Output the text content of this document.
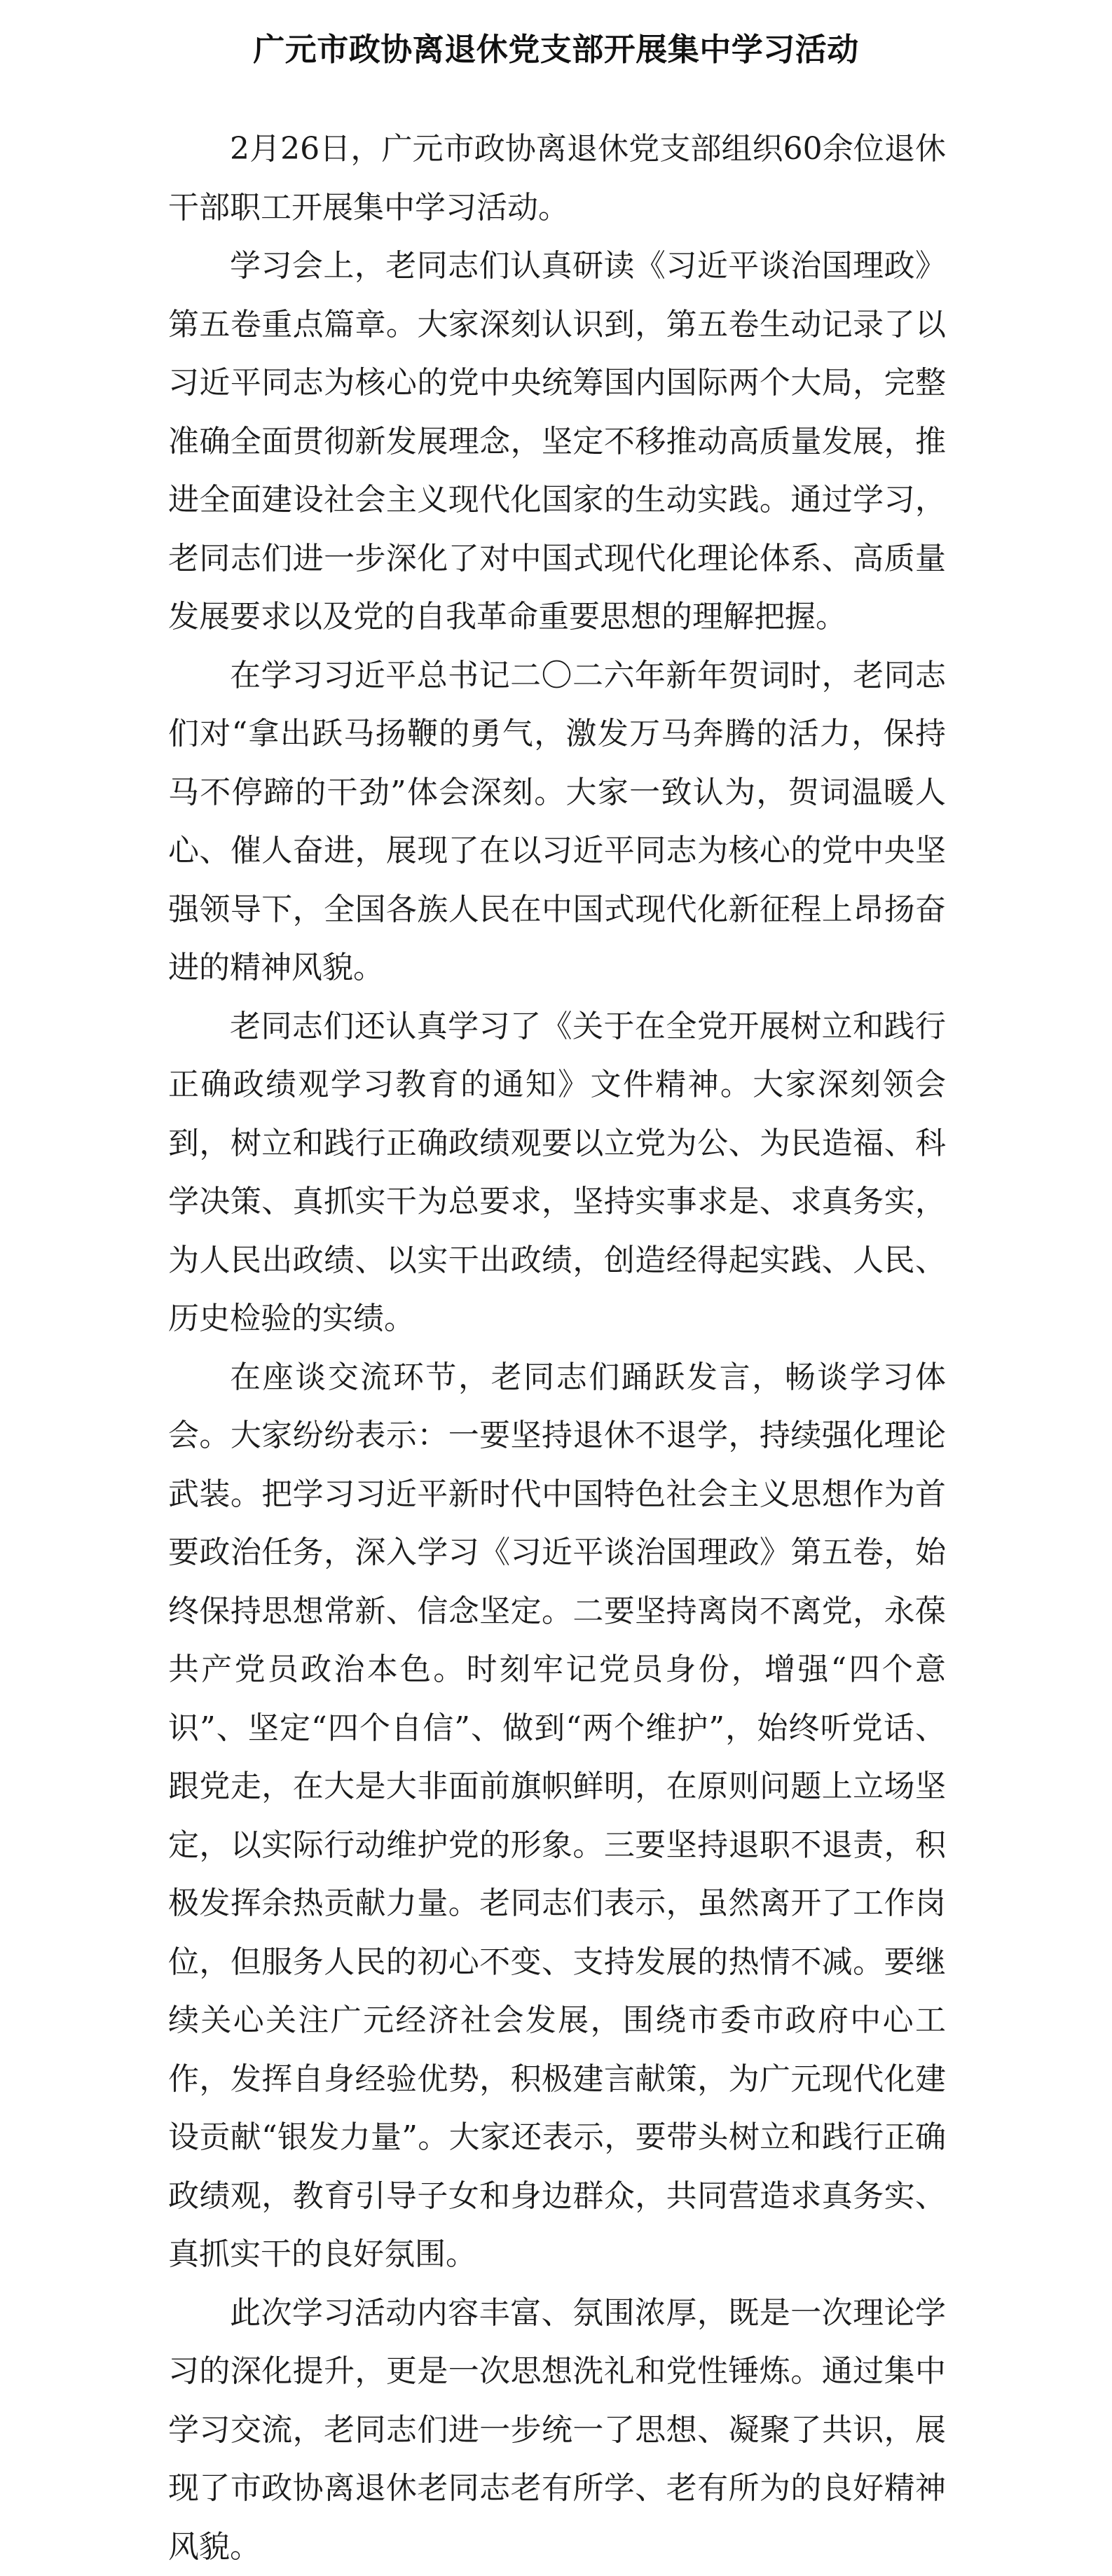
广元市政协离退休党支部开展集中学习活动

2月26日，广元市政协离退休党支部组织60余位退休干部职工开展集中学习活动。

学习会上，老同志们认真研读《习近平谈治国理政》第五卷重点篇章。大家深刻认识到，第五卷生动记录了以习近平同志为核心的党中央统筹国内国际两个大局，完整准确全面贯彻新发展理念，坚定不移推动高质量发展，推进全面建设社会主义现代化国家的生动实践。通过学习，老同志们进一步深化了对中国式现代化理论体系、高质量发展要求以及党的自我革命重要思想的理解把握。

在学习习近平总书记二〇二六年新年贺词时，老同志们对“拿出跃马扬鞭的勇气，激发万马奔腾的活力，保持马不停蹄的干劲”体会深刻。大家一致认为，贺词温暖人心、催人奋进，展现了在以习近平同志为核心的党中央坚强领导下，全国各族人民在中国式现代化新征程上昂扬奋进的精神风貌。

老同志们还认真学习了《关于在全党开展树立和践行正确政绩观学习教育的通知》文件精神。大家深刻领会到，树立和践行正确政绩观要以立党为公、为民造福、科学决策、真抓实干为总要求，坚持实事求是、求真务实，为人民出政绩、以实干出政绩，创造经得起实践、人民、历史检验的实绩。

在座谈交流环节，老同志们踊跃发言，畅谈学习体会。大家纷纷表示：一要坚持退休不退学，持续强化理论武装。把学习习近平新时代中国特色社会主义思想作为首要政治任务，深入学习《习近平谈治国理政》第五卷，始终保持思想常新、信念坚定。二要坚持离岗不离党，永葆共产党员政治本色。时刻牢记党员身份，增强“四个意识”、坚定“四个自信”、做到“两个维护”，始终听党话、跟党走，在大是大非面前旗帜鲜明，在原则问题上立场坚定，以实际行动维护党的形象。三要坚持退职不退责，积极发挥余热贡献力量。老同志们表示，虽然离开了工作岗位，但服务人民的初心不变、支持发展的热情不减。要继续关心关注广元经济社会发展，围绕市委市政府中心工作，发挥自身经验优势，积极建言献策，为广元现代化建设贡献“银发力量”。大家还表示，要带头树立和践行正确政绩观，教育引导子女和身边群众，共同营造求真务实、真抓实干的良好氛围。

此次学习活动内容丰富、氛围浓厚，既是一次理论学习的深化提升，更是一次思想洗礼和党性锤炼。通过集中学习交流，老同志们进一步统一了思想、凝聚了共识，展现了市政协离退休老同志老有所学、老有所为的良好精神风貌。
